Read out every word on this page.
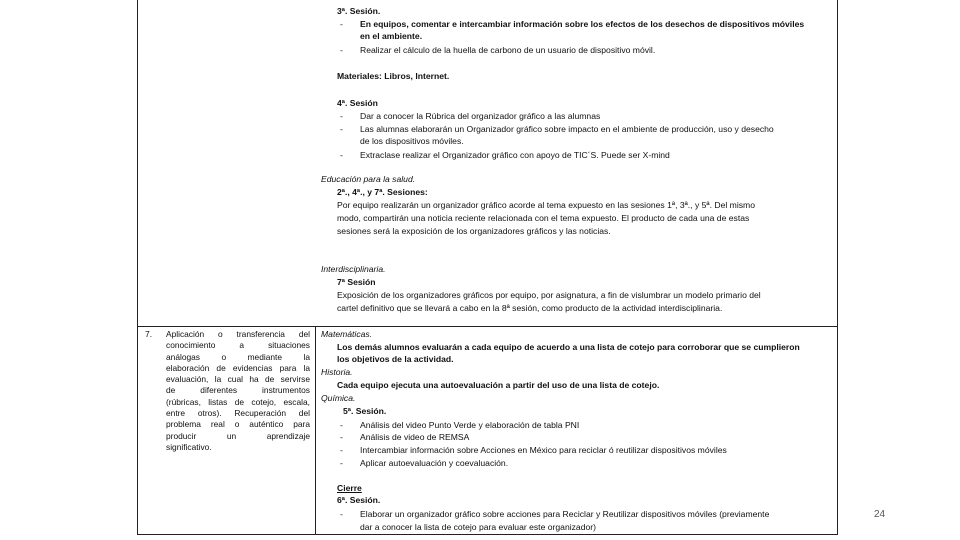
3ª. Sesión.
- En equipos, comentar e intercambiar información sobre los efectos de los desechos de dispositivos móviles
en el ambiente.
- Realizar el cálculo de la huella de carbono de un usuario de dispositivo móvil.
Materiales: Libros, Internet.
4ª. Sesión
- Dar a conocer la Rúbrica del organizador gráfico a las alumnas
- Las alumnas elaborarán un Organizador gráfico sobre impacto en el ambiente de producción, uso y desecho
de los dispositivos móviles.
- Extraclase realizar el Organizador gráfico con apoyo de TIC´S. Puede ser X-mind
Educación para la salud.
2ª., 4ª., y 7ª. Sesiones:
Por equipo realizarán un organizador gráfico acorde al tema expuesto en las sesiones 1ª, 3ª., y 5ª. Del mismo
modo, compartirán una noticia reciente relacionada con el tema expuesto. El producto de cada una de estas
sesiones será la exposición de los organizadores gráficos y las noticias.
Interdisciplinaria.
7ª Sesión
Exposición de los organizadores gráficos por equipo, por asignatura, a fin de vislumbrar un modelo primario del
cartel definitivo que se llevará a cabo en la 8ª sesión, como producto de la actividad interdisciplinaria.
7. Aplicación o transferencia del
conocimiento a situaciones
análogas o mediante la
elaboración de evidencias para la
evaluación, la cual ha de servirse
de diferentes instrumentos
(rúbricas, listas de cotejo, escala,
entre otros). Recuperación del
problema real o auténtico para
producir un aprendizaje
significativo.
Matemáticas.
Los demás alumnos evaluarán a cada equipo de acuerdo a una lista de cotejo para corroborar que se cumplieron
los objetivos de la actividad.
Historia.
Cada equipo ejecuta una autoevaluación a partir del uso de una lista de cotejo.
Química.
5ª. Sesión.
- Análisis del video Punto Verde y elaboración de tabla PNI
- Análisis de video de REMSA
- Intercambiar información sobre Acciones en México para reciclar ó reutilizar dispositivos móviles
- Aplicar autoevaluación y coevaluación.
Cierre
6ª. Sesión.
- Elaborar un organizador gráfico sobre acciones para Reciclar y Reutilizar dispositivos móviles (previamente
dar a conocer la lista de cotejo para evaluar este organizador)
24
